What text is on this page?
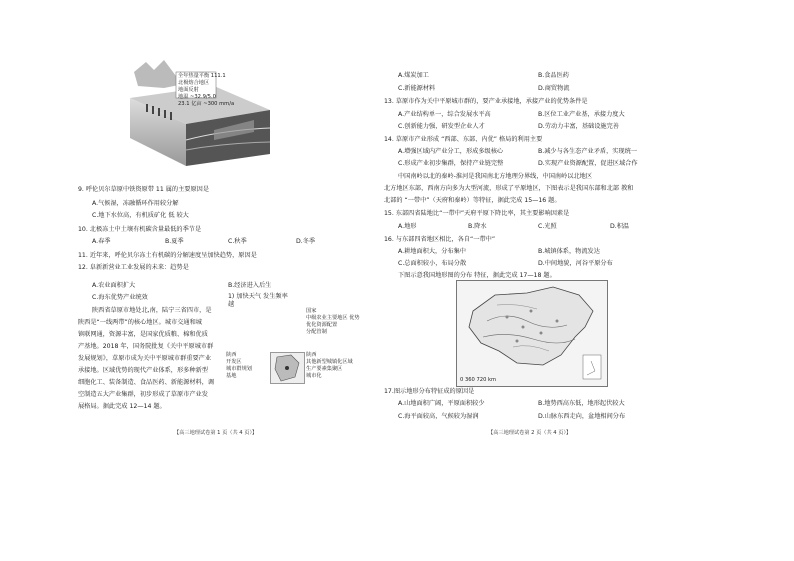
全年热量平衡 111.1
北极熔合地区
地面反射
地温 ~32.9/5.0
23.1 亿亩 ~300 mm/a
9. 呼伦贝尔草原中铁资原带 11 属的主要原因是
A.气候湿，冻融循环作用较分解
C.地下水位高，有机质矿化 低 较大
10. 北极冻土中土壤有机碳含量最低的季节是
A.春季	B.夏季	C.秋季	D.冬季
11. 近年来，呼伦贝尔冻土有机碳的分解速度呈加快趋势，原因是
12. 阜新新营业工业发展的未来：趋势是
A.农业面积扩大	B.经济进入后生
C.海东优势产业统效	1) 加快天气 发生频率
越
陕西省草原市地处北,南，陆宁三省四市，是
陕西是“一线两带”的核心地区。城市交通和城
镇联网通，资源丰富，是国家优质粮、棉和优质
产基地。2018 年，国务院批复《关中平原城市群
发展规划》，草原市成为关中平原城市群重要产业
承接地。区域优势的现代产业体系，形多种新型
细胞化工、装备制造、食品医药、新能源材料，调
空制造五大产业集群，初步形成了草原市产业发
展格局。据此完成 12—14 题。
国家
中级农业主要地区 优势
优化资源配置
分配管制
陕西
开发区
城市群规划
基地
陕西
其他新型城镇化区域
生产要素集聚区
城市化
【高三地理试卷第 1 页（共 4 页）】
A.煤炭加工	B.食品医药
C.新能源材料	D.商贸物流
13. 草原市作为关中平原城市群的，要产业承接地，承接产业的优势条件是
A.产业结构单一，综合发展水平高	B.区位工业产业基，承接力度大
C.创新能力强，研发型企业人才	D.劳动力丰富，基础设施完善
14. 草原市产业形成 “西部、东部、内优” 格局的利用主要
A.增强区域内产业分工，形成多级核心	B.减少与各生态产业矛盾，实现统一
C.形成产业初步集群，保持产业链完整	D.实现产业资源配置，促进区域合作
中国南岭以北的秦岭-淮河是我国南北方地理分界线，中国南岭以北地区
北方地区东部，西南方向多为大型河流，形成了平原地区，下图表示是我国东部和北部 教和
北部的 “一带中”（天府和秦岭）等特征，据此完成 15—16 题。
15. 东部四省陆地比“一带中”天府平原下降比率，其主要影响因素是
A.地形	B.降水	C.光照	D.积温
16. 与东部四省地区相比，各自“一带中”
A.耕地面积大，分布集中	B.城镇体系，物流发达
C.总面积较小，布局分散	D.中间地貌，河谷平原分布
下图示意我国地形图的分布 特征，据此完成 17—18 题。
0 360 720 km
17.图示地形分布特征成的原因是
A.山地面积广阔，平原面积较少	B.地势西高东低，地形起伏较大
C.海平面较高，气候较为湿润	D.山脉东西走向，盆地相间分布
【高三地理试卷第 2 页（共 4 页）】
